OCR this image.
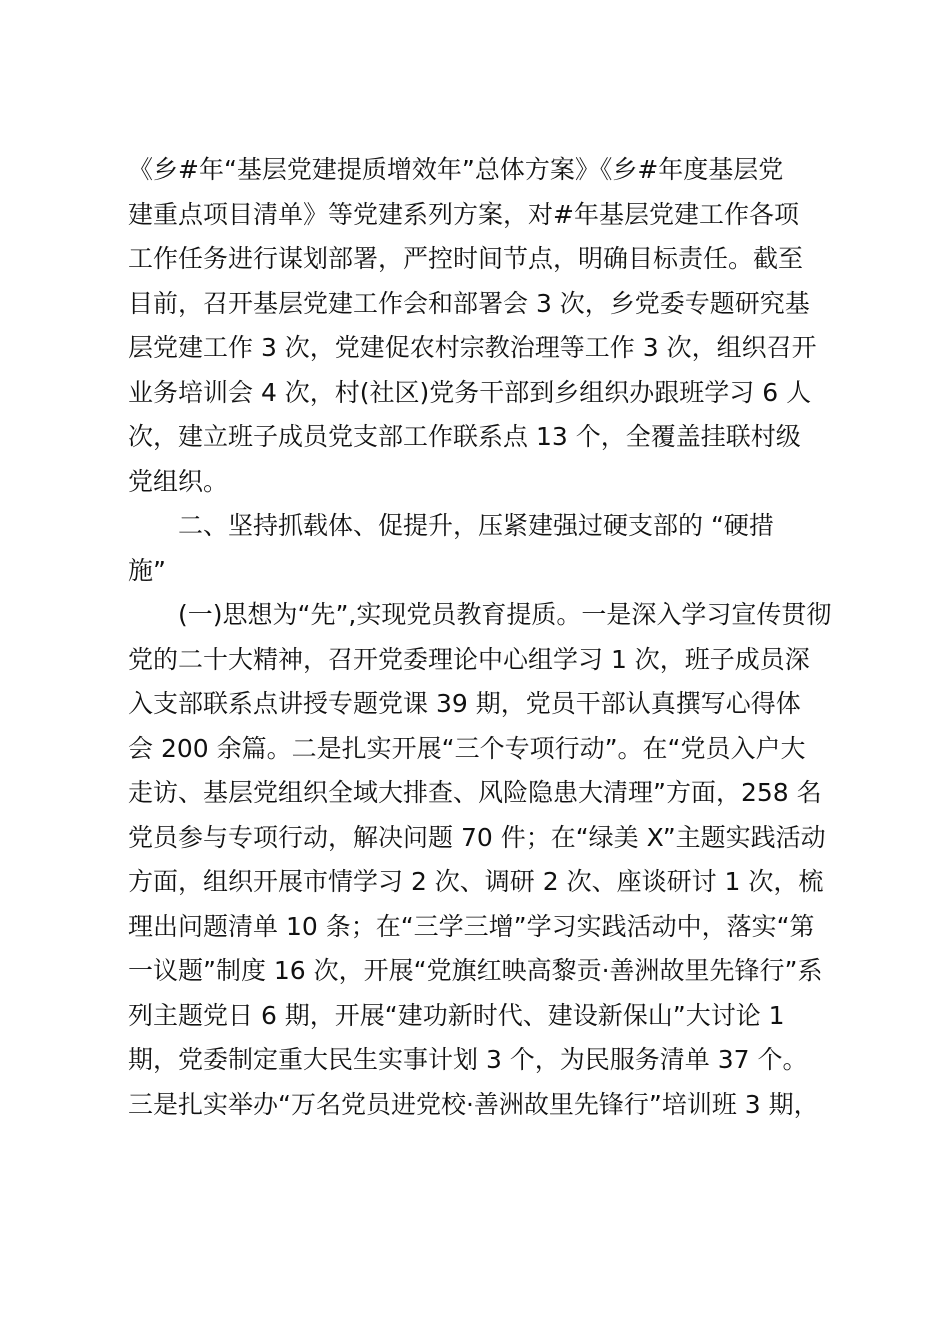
《乡#年“基层党建提质增效年”总体方案》《乡#年度基层党
建重点项目清单》等党建系列方案，对#年基层党建工作各项
工作任务进行谋划部署，严控时间节点，明确目标责任。截至
目前，召开基层党建工作会和部署会 3 次，乡党委专题研究基
层党建工作 3 次，党建促农村宗教治理等工作 3 次，组织召开
业务培训会 4 次，村(社区)党务干部到乡组织办跟班学习 6 人
次，建立班子成员党支部工作联系点 13 个，全覆盖挂联村级
党组织。
二、坚持抓载体、促提升，压紧建强过硬支部的 “硬措
施”
(一)思想为“先”,实现党员教育提质。一是深入学习宣传贯彻
党的二十大精神，召开党委理论中心组学习 1 次，班子成员深
入支部联系点讲授专题党课 39 期，党员干部认真撰写心得体
会 200 余篇。二是扎实开展“三个专项行动”。在“党员入户大
走访、基层党组织全域大排查、风险隐患大清理”方面，258 名
党员参与专项行动，解决问题 70 件；在“绿美 X”主题实践活动
方面，组织开展市情学习 2 次、调研 2 次、座谈研讨 1 次，梳
理出问题清单 10 条；在“三学三增”学习实践活动中，落实“第
一议题”制度 16 次，开展“党旗红映高黎贡·善洲故里先锋行”系
列主题党日 6 期，开展“建功新时代、建设新保山”大讨论 1
期，党委制定重大民生实事计划 3 个，为民服务清单 37 个。
三是扎实举办“万名党员进党校·善洲故里先锋行”培训班 3 期，
